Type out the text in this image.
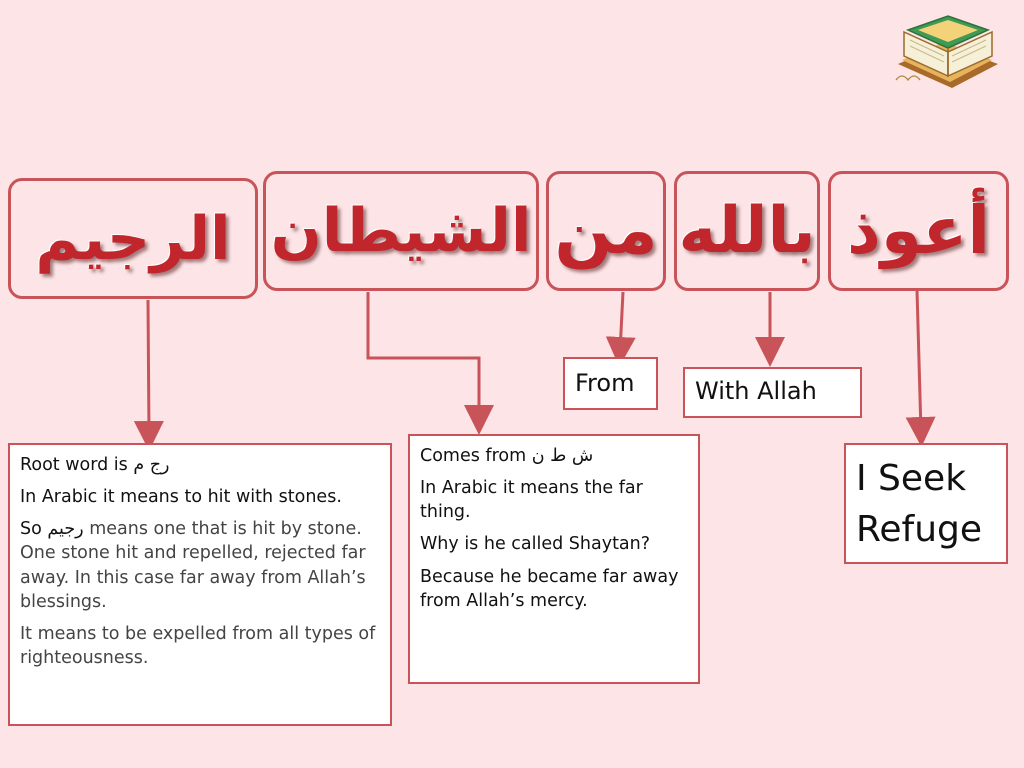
أعوذ
بالله
من
الشيطان
الرجيم
I Seek Refuge
With Allah
From

Comes from ش ط ن

In Arabic it means the far thing.

Why is he called Shaytan?

Because he became far away from Allah’s mercy.

Root word is رج م

In Arabic it means to hit with stones.

So رجيم means one that is hit by stone. One stone hit and repelled, rejected far away. In this case far away from Allah’s blessings.

It means to be expelled from all types of righteousness.
